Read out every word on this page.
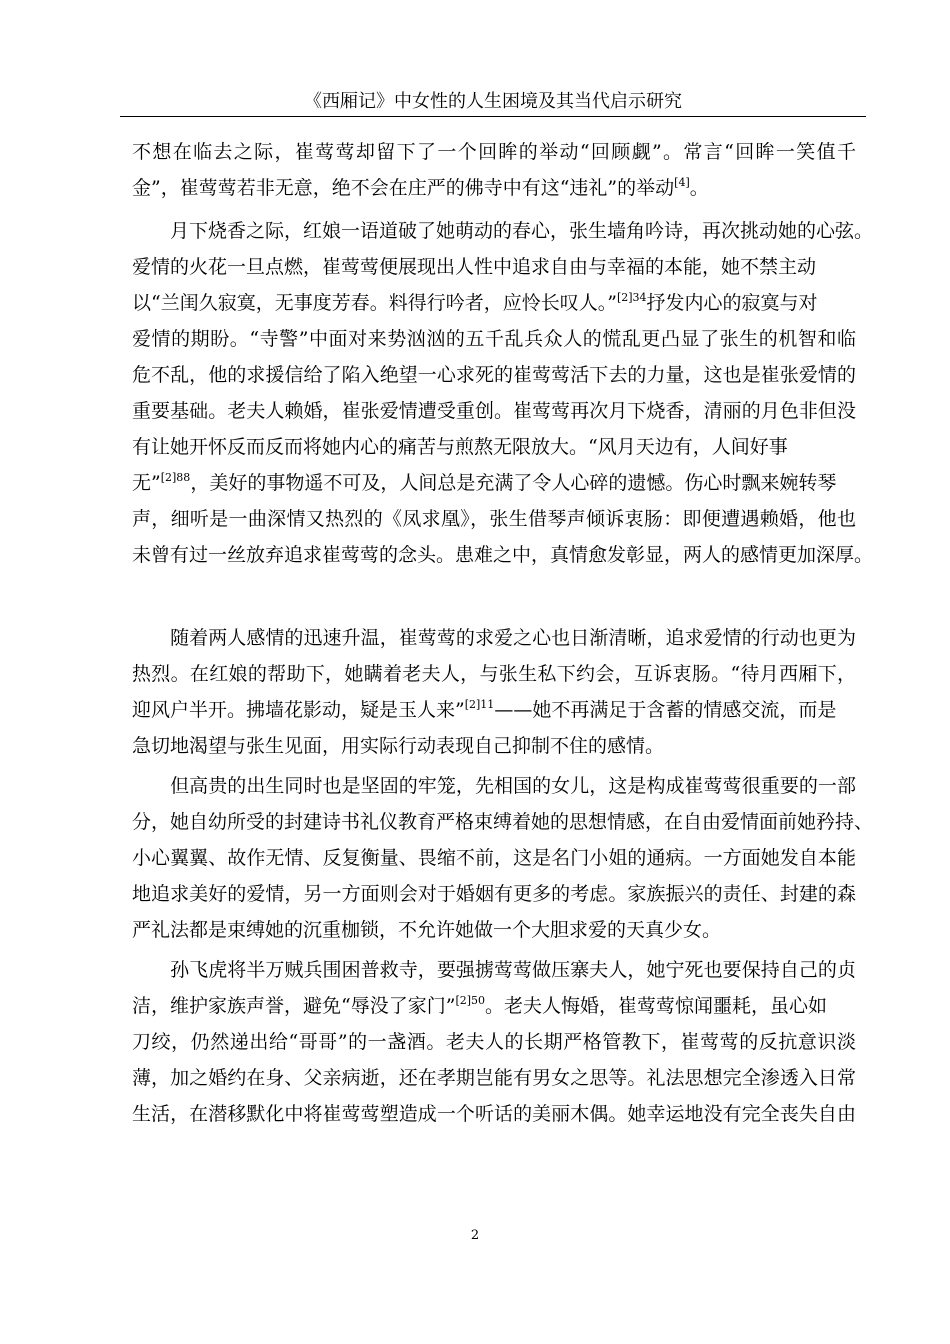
《西厢记》中女性的人生困境及其当代启示研究
不想在临去之际，崔莺莺却留下了一个回眸的举动“回顾觑”。常言“回眸一笑值千
金”，崔莺莺若非无意，绝不会在庄严的佛寺中有这“违礼”的举动[4]。
　　月下烧香之际，红娘一语道破了她萌动的春心，张生墙角吟诗，再次挑动她的心弦。
爱情的火花一旦点燃，崔莺莺便展现出人性中追求自由与幸福的本能，她不禁主动
以“兰闺久寂寞，无事度芳春。料得行吟者，应怜长叹人。”$^{[2]34}$抒发内心的寂寞与对
爱情的期盼。“寺警”中面对来势汹汹的五千乱兵众人的慌乱更凸显了张生的机智和临
危不乱，他的求援信给了陷入绝望一心求死的崔莺莺活下去的力量，这也是崔张爱情的
重要基础。老夫人赖婚，崔张爱情遭受重创。崔莺莺再次月下烧香，清丽的月色非但没
有让她开怀反而反而将她内心的痛苦与煎熬无限放大。“风月天边有，人间好事
无”$^{[2]88}$，美好的事物遥不可及，人间总是充满了令人心碎的遗憾。伤心时飘来婉转琴
声，细听是一曲深情又热烈的《凤求凰》，张生借琴声倾诉衷肠：即便遭遇赖婚，他也
未曾有过一丝放弃追求崔莺莺的念头。患难之中，真情愈发彰显，两人的感情更加深厚。
　　随着两人感情的迅速升温，崔莺莺的求爱之心也日渐清晰，追求爱情的行动也更为
热烈。在红娘的帮助下，她瞒着老夫人，与张生私下约会，互诉衷肠。“待月西厢下，
迎风户半开。拂墙花影动，疑是玉人来”$^{[2]11}$——她不再满足于含蓄的情感交流，而是
急切地渴望与张生见面，用实际行动表现自己抑制不住的感情。
　　但高贵的出生同时也是坚固的牢笼，先相国的女儿，这是构成崔莺莺很重要的一部
分，她自幼所受的封建诗书礼仪教育严格束缚着她的思想情感，在自由爱情面前她矜持、
小心翼翼、故作无情、反复衡量、畏缩不前，这是名门小姐的通病。一方面她发自本能
地追求美好的爱情，另一方面则会对于婚姻有更多的考虑。家族振兴的责任、封建的森
严礼法都是束缚她的沉重枷锁，不允许她做一个大胆求爱的天真少女。
　　孙飞虎将半万贼兵围困普救寺，要强掳莺莺做压寨夫人，她宁死也要保持自己的贞
洁，维护家族声誉，避免“辱没了家门”$^{[2]50}$。老夫人悔婚，崔莺莺惊闻噩耗，虽心如
刀绞，仍然递出给“哥哥”的一盏酒。老夫人的长期严格管教下，崔莺莺的反抗意识淡
薄，加之婚约在身、父亲病逝，还在孝期岂能有男女之思等。礼法思想完全渗透入日常
生活，在潜移默化中将崔莺莺塑造成一个听话的美丽木偶。她幸运地没有完全丧失自由
2
